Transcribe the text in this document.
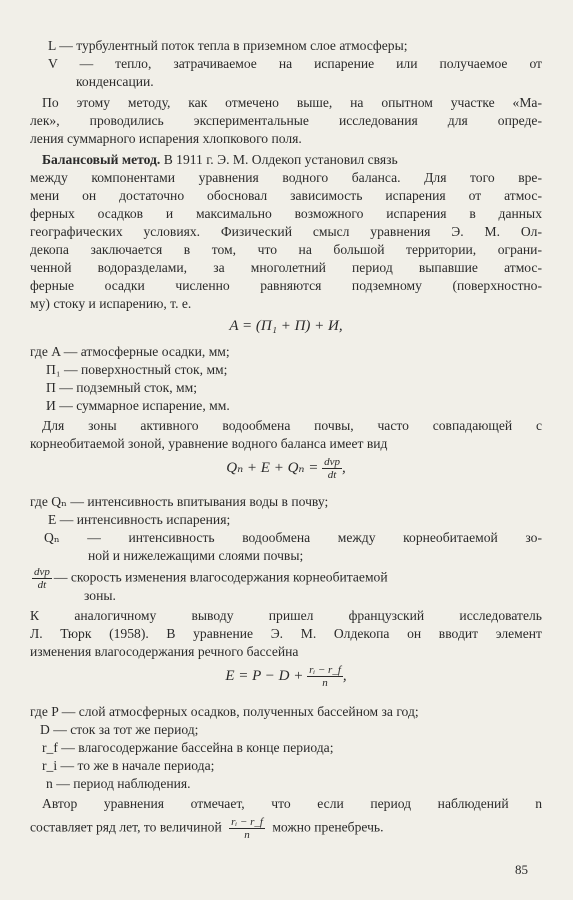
L — турбулентный поток тепла в приземном слое атмосферы;
V — тепло, затрачиваемое на испарение или получаемое от
конденсации.
По этому методу, как отмечено выше, на опытном участке «Ма-
лек», проводились экспериментальные исследования для опреде-
ления суммарного испарения хлопкового поля.
Балансовый метод. В 1911 г. Э. М. Олдекоп установил связь
между компонентами уравнения водного баланса. Для того вре-
мени он достаточно обосновал зависимость испарения от атмос-
ферных осадков и максимально возможного испарения в данных
географических условиях. Физический смысл уравнения Э. М. Ол-
декопа заключается в том, что на большой территории, ограни-
ченной водоразделами, за многолетний период выпавшие атмос-
ферные осадки численно равняются подземному (поверхностно-
му) стоку и испарению, т. е.
A = (П₁ + П) + И,
где A — атмосферные осадки, мм;
П₁ — поверхностный сток, мм;
П — подземный сток, мм;
И — суммарное испарение, мм.
Для зоны активного водообмена почвы, часто совпадающей с
корнеобитаемой зоной, уравнение водного баланса имеет вид
$Q_n + E + Q_n = \frac{\text{dvp}}{dt}$ ,
где Qₙ — интенсивность впитывания воды в почву;
E — интенсивность испарения;
Qₙ — интенсивность водообмена между корнеобитаемой зо-
ной и нижележащими слоями почвы;
$\frac{\text{dvp}}{dt}$ — скорость изменения влагосодержания корнеобитаемой
зоны.
К аналогичному выводу пришел французский исследователь
Л. Тюрк (1958). В уравнение Э. М. Олдекопа он вводит элемент
изменения влагосодержания речного бассейна
$E = P - D + \frac{\text{rᵢ − r\_f}}{n}$ ,
где P — слой атмосферных осадков, полученных бассейном за год;
D — сток за тот же период;
r_f — влагосодержание бассейна в конце периода;
r_i — то же в начале периода;
n — период наблюдения.
Автор уравнения отмечает, что если период наблюдений n
составляет ряд лет, то величиной $\frac{\text{rᵢ − r\_f}}{n}$ можно пренебречь.
85
